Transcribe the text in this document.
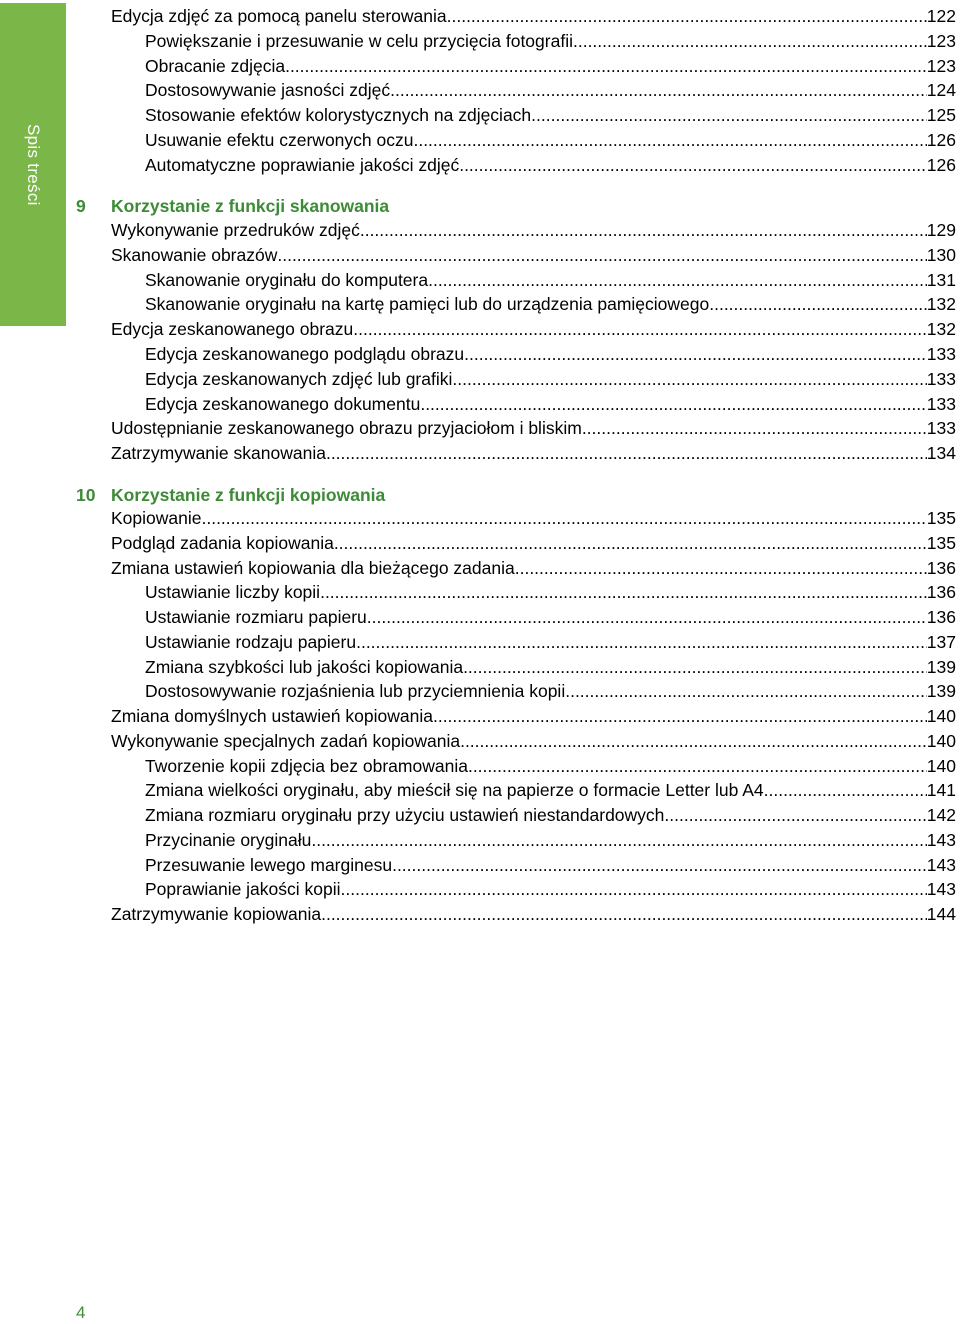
Spis treści
Edycja zdjęć za pomocą panelu sterowania .....	122
Powiększanie i przesuwanie w celu przycięcia fotografii .....	123
Obracanie zdjęcia .....	123
Dostosowywanie jasności zdjęć .....	124
Stosowanie efektów kolorystycznych na zdjęciach .....	125
Usuwanie efektu czerwonych oczu .....	126
Automatyczne poprawianie jakości zdjęć .....	126
9 Korzystanie z funkcji skanowania
Wykonywanie przedruków zdjęć .....	129
Skanowanie obrazów .....	130
Skanowanie oryginału do komputera .....	131
Skanowanie oryginału na kartę pamięci lub do urządzenia pamięciowego .....	132
Edycja zeskanowanego obrazu .....	132
Edycja zeskanowanego podglądu obrazu .....	133
Edycja zeskanowanych zdjęć lub grafiki .....	133
Edycja zeskanowanego dokumentu .....	133
Udostępnianie zeskanowanego obrazu przyjaciołom i bliskim .....	133
Zatrzymywanie skanowania .....	134
10 Korzystanie z funkcji kopiowania
Kopiowanie .....	135
Podgląd zadania kopiowania .....	135
Zmiana ustawień kopiowania dla bieżącego zadania .....	136
Ustawianie liczby kopii .....	136
Ustawianie rozmiaru papieru .....	136
Ustawianie rodzaju papieru .....	137
Zmiana szybkości lub jakości kopiowania .....	139
Dostosowywanie rozjaśnienia lub przyciemnienia kopii .....	139
Zmiana domyślnych ustawień kopiowania .....	140
Wykonywanie specjalnych zadań kopiowania .....	140
Tworzenie kopii zdjęcia bez obramowania .....	140
Zmiana wielkości oryginału, aby mieścił się na papierze o formacie Letter lub A4 .....	141
Zmiana rozmiaru oryginału przy użyciu ustawień niestandardowych .....	142
Przycinanie oryginału .....	143
Przesuwanie lewego marginesu .....	143
Poprawianie jakości kopii .....	143
Zatrzymywanie kopiowania .....	144
4
